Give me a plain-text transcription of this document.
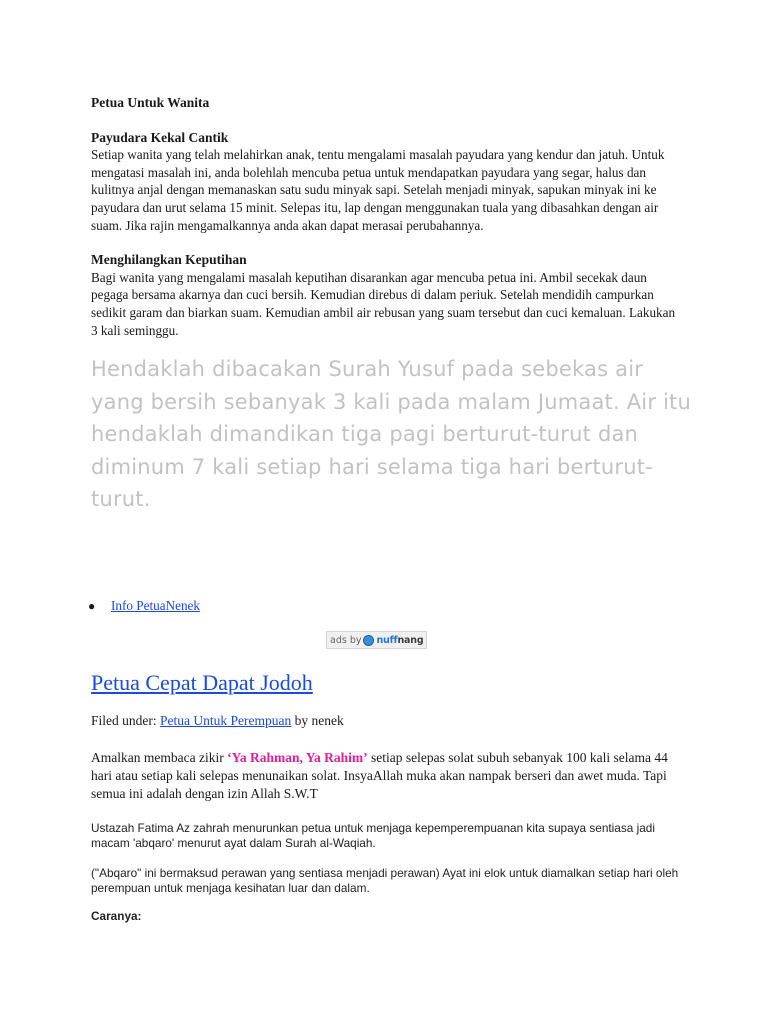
Petua Untuk Wanita

Payudara Kekal Cantik

Setiap wanita yang telah melahirkan anak, tentu mengalami masalah payudara yang kendur dan jatuh. Untuk mengatasi masalah ini, anda bolehlah mencuba petua untuk mendapatkan payudara yang segar, halus dan kulitnya anjal dengan memanaskan satu sudu minyak sapi. Setelah menjadi minyak, sapukan minyak ini ke payudara dan urut selama 15 minit. Selepas itu, lap dengan menggunakan tuala yang dibasahkan dengan air suam. Jika rajin mengamalkannya anda akan dapat merasai perubahannya.

Menghilangkan Keputihan

Bagi wanita yang mengalami masalah keputihan disarankan agar mencuba petua ini. Ambil secekak daun pegaga bersama akarnya dan cuci bersih. Kemudian direbus di dalam periuk. Setelah mendidih campurkan sedikit garam dan biarkan suam. Kemudian ambil air rebusan yang suam tersebut dan cuci kemaluan. Lakukan 3 kali seminggu.

Hendaklah dibacakan Surah Yusuf pada sebekas air yang bersih sebanyak 3 kali pada malam Jumaat. Air itu hendaklah dimandikan tiga pagi berturut-turut dan diminum 7 kali setiap hari selama tiga hari berturut-turut.

● Info PetuaNenek
ads by nuffnang
Petua Cepat Dapat Jodoh

Filed under: Petua Untuk Perempuan by nenek

Amalkan membaca zikir ‘Ya Rahman, Ya Rahim’ setiap selepas solat subuh sebanyak 100 kali selama 44 hari atau setiap kali selepas menunaikan solat. InsyaAllah muka akan nampak berseri dan awet muda. Tapi semua ini adalah dengan izin Allah S.W.T

Ustazah Fatima Az zahrah menurunkan petua untuk menjaga kepemperempuanan kita supaya sentiasa jadi macam 'abqaro' menurut ayat dalam Surah al-Waqiah.

("Abqaro" ini bermaksud perawan yang sentiasa menjadi perawan) Ayat ini elok untuk diamalkan setiap hari oleh perempuan untuk menjaga kesihatan luar dan dalam.

Caranya:
